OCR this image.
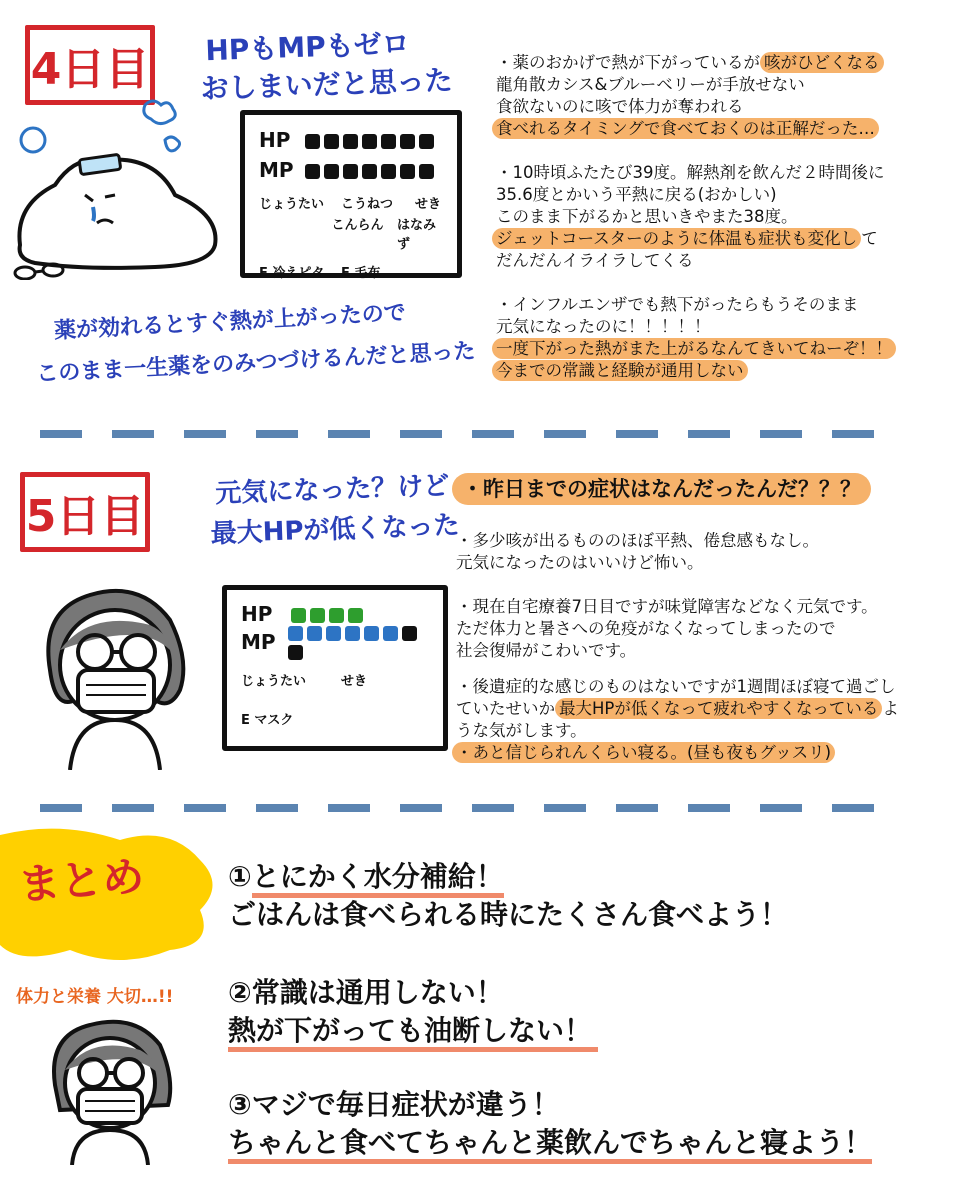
4日目 HPもMPもゼロ
おしまいだと思った
HP
MP
じょうたい	こうねつ	せき
こんらん	はなみず
E 冷えピタ	E 毛布
・薬のおかげで熱が下がっているが 咳がひどくなる
龍角散カシス&ブルーベリーが手放せない
食欲ないのに咳で体力が奪われる
食べれるタイミングで食べておくのは正解だった…
・10時頃ふたたび39度。解熱剤を飲んだ２時間後に
35.6度とかいう平熱に戻る(おかしい)
このまま下がるかと思いきやまた38度。
ジェットコースターのように体温も症状も変化し て
だんだんイライラしてくる
・インフルエンザでも熱下がったらもうそのまま
元気になったのに！！！！！
一度下がった熱がまた上がるなんてきいてねーぞ！！
今までの常識と経験が通用しない
薬が効れるとすぐ熱が上がったので
このまま一生薬をのみつづけるんだと思った
5日目
元気になった？けど
最大HPが低くなった
HP
MP
じょうたい	せき
E マスク
・昨日までの症状はなんだったんだ？？？
・多少咳が出るもののほぼ平熱、倦怠感もなし。
元気になったのはいいけど怖い。
・現在自宅療養7日目ですが味覚障害などなく元気です。
ただ体力と暑さへの免疫がなくなってしまったので
社会復帰がこわいです。
・後遺症的な感じのものはないですが1週間ほぼ寝て過ごし
ていたせいか 最大HPが低くなって疲れやすくなっている よ
うな気がします。
・あと信じられんくらい寝る。(昼も夜もグッスリ)
まとめ
体力と栄養 大切…!!
①とにかく水分補給！
ごはんは食べられる時にたくさん食べよう！
②常識は通用しない！
熱が下がっても油断しない！
③マジで毎日症状が違う！
ちゃんと食べてちゃんと薬飲んでちゃんと寝よう！
